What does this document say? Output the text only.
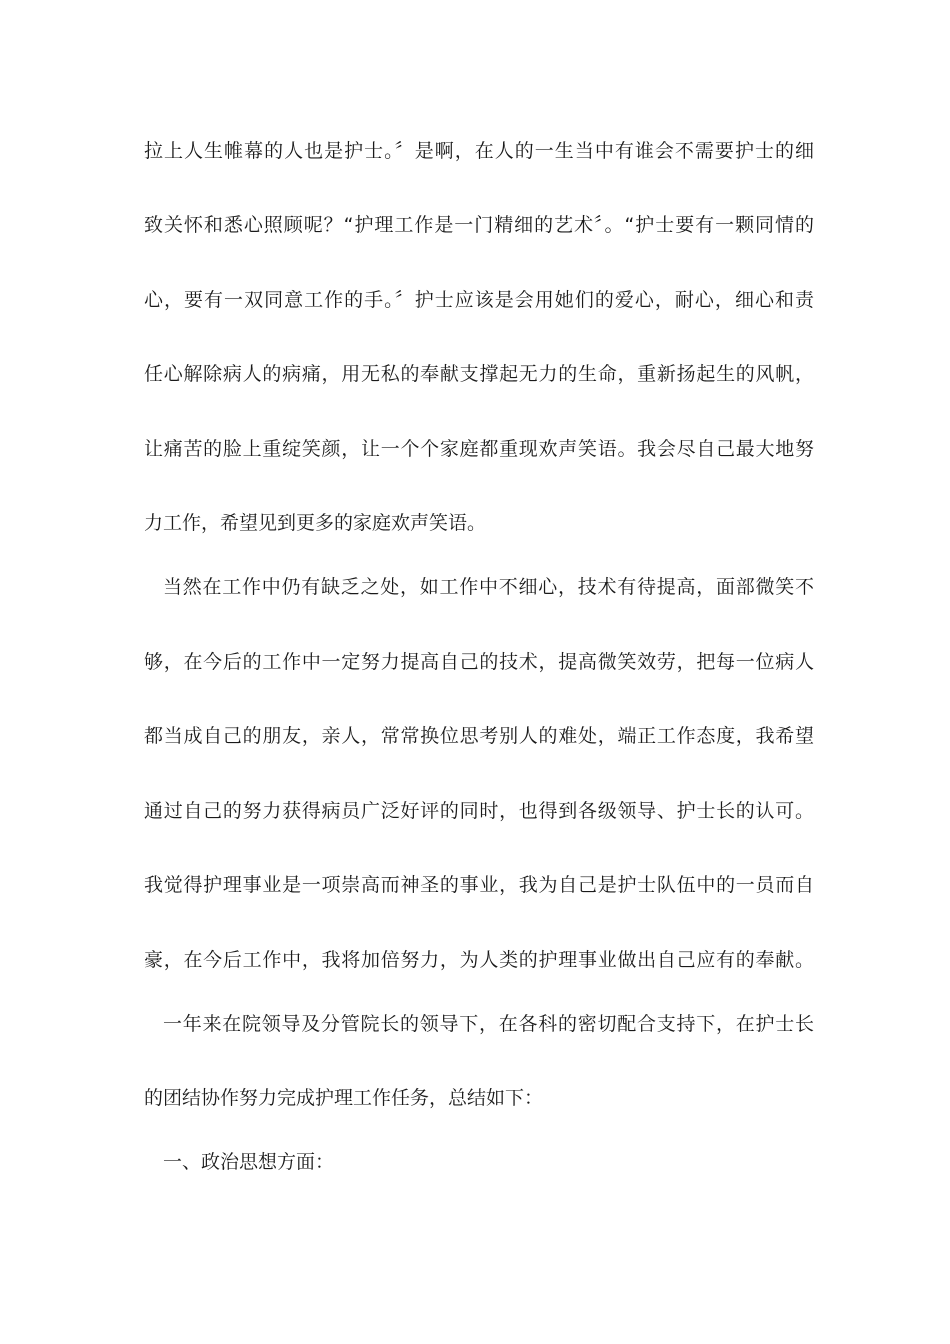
拉上人生帷幕的人也是护士。〞是啊，在人的一生当中有谁会不需要护士的细
致关怀和悉心照顾呢？“护理工作是一门精细的艺术〞。“护士要有一颗同情的
心，要有一双同意工作的手。〞护士应该是会用她们的爱心，耐心，细心和责
任心解除病人的病痛，用无私的奉献支撑起无力的生命，重新扬起生的风帆，
让痛苦的脸上重绽笑颜，让一个个家庭都重现欢声笑语。我会尽自己最大地努
力工作，希望见到更多的家庭欢声笑语。
当然在工作中仍有缺乏之处，如工作中不细心，技术有待提高，面部微笑不
够，在今后的工作中一定努力提高自己的技术，提高微笑效劳，把每一位病人
都当成自己的朋友，亲人，常常换位思考别人的难处，端正工作态度，我希望
通过自己的努力获得病员广泛好评的同时，也得到各级领导、护士长的认可。
我觉得护理事业是一项崇高而神圣的事业，我为自己是护士队伍中的一员而自
豪，在今后工作中，我将加倍努力，为人类的护理事业做出自己应有的奉献。
一年来在院领导及分管院长的领导下，在各科的密切配合支持下，在护士长
的团结协作努力完成护理工作任务，总结如下：
一、政治思想方面：
